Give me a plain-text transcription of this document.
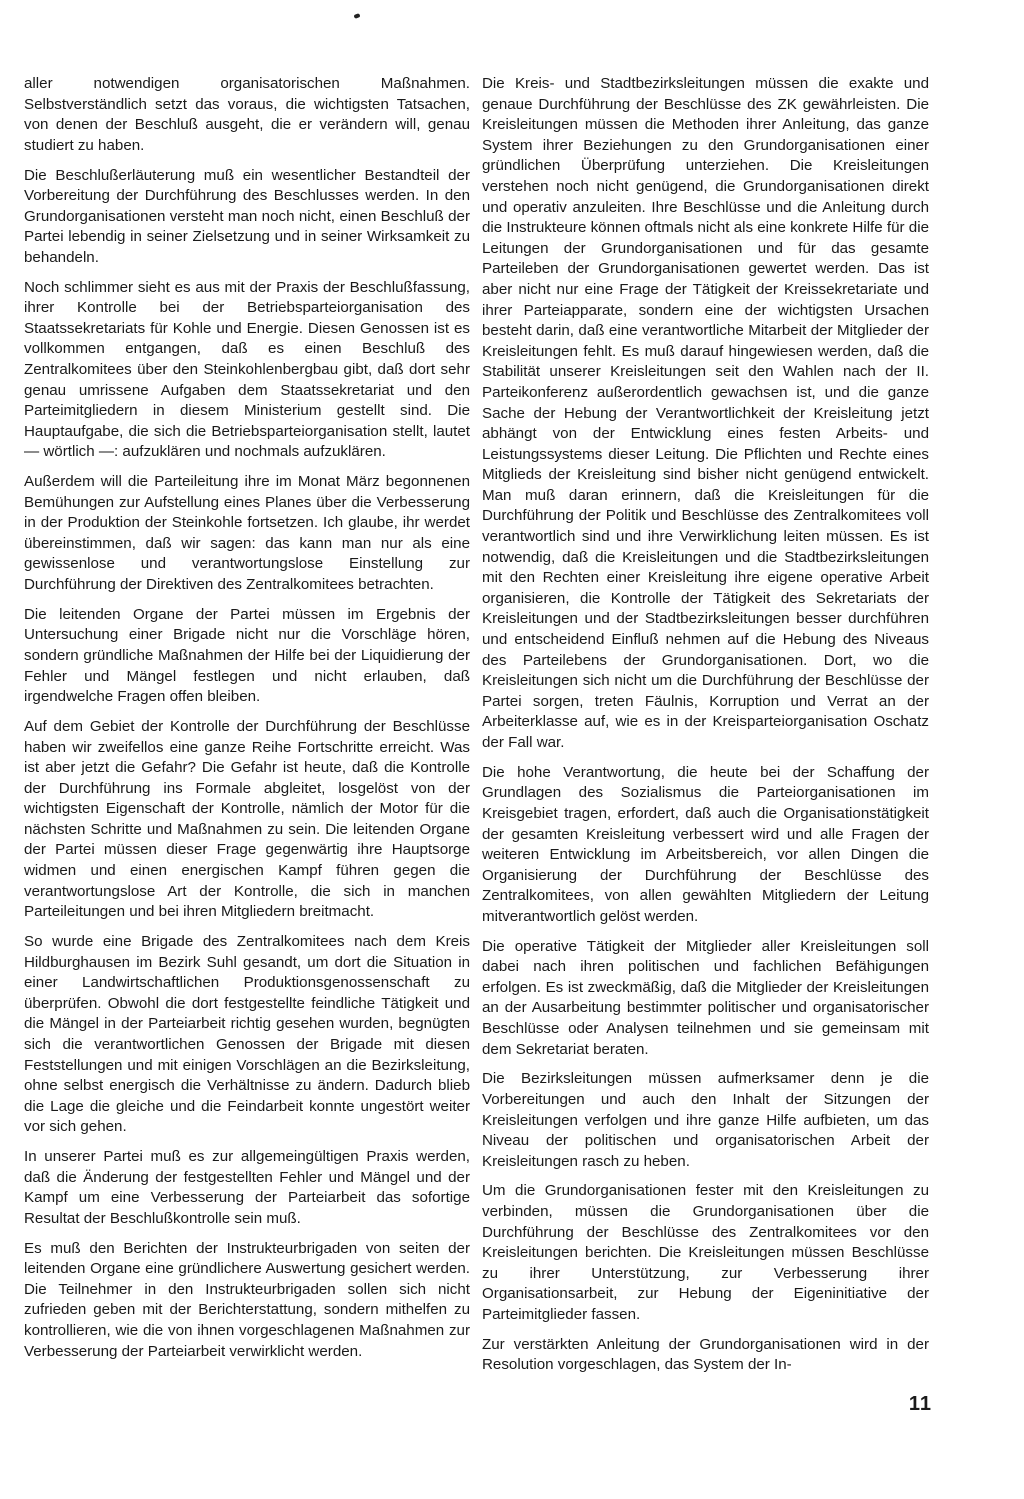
aller notwendigen organisatorischen Maßnahmen. Selbstverständlich setzt das voraus, die wichtigsten Tatsachen, von denen der Beschluß ausgeht, die er verändern will, genau studiert zu haben.

Die Beschlußerläuterung muß ein wesentlicher Bestandteil der Vorbereitung der Durchführung des Beschlusses werden. In den Grundorganisationen versteht man noch nicht, einen Beschluß der Partei lebendig in seiner Zielsetzung und in seiner Wirksamkeit zu behandeln.

Noch schlimmer sieht es aus mit der Praxis der Beschlußfassung, ihrer Kontrolle bei der Betriebsparteiorganisation des Staatssekretariats für Kohle und Energie. Diesen Genossen ist es vollkommen entgangen, daß es einen Beschluß des Zentralkomitees über den Steinkohlenbergbau gibt, daß dort sehr genau umrissene Aufgaben dem Staatssekretariat und den Parteimitgliedern in diesem Ministerium gestellt sind. Die Hauptaufgabe, die sich die Betriebsparteiorganisation stellt, lautet — wörtlich —: aufzuklären und nochmals aufzuklären.

Außerdem will die Parteileitung ihre im Monat März begonnenen Bemühungen zur Aufstellung eines Planes über die Verbesserung in der Produktion der Steinkohle fortsetzen. Ich glaube, ihr werdet übereinstimmen, daß wir sagen: das kann man nur als eine gewissenlose und verantwortungslose Einstellung zur Durchführung der Direktiven des Zentralkomitees betrachten.

Die leitenden Organe der Partei müssen im Ergebnis der Untersuchung einer Brigade nicht nur die Vorschläge hören, sondern gründliche Maßnahmen der Hilfe bei der Liquidierung der Fehler und Mängel festlegen und nicht erlauben, daß irgendwelche Fragen offen bleiben.

Auf dem Gebiet der Kontrolle der Durchführung der Beschlüsse haben wir zweifellos eine ganze Reihe Fortschritte erreicht. Was ist aber jetzt die Gefahr? Die Gefahr ist heute, daß die Kontrolle der Durchführung ins Formale abgleitet, losgelöst von der wichtigsten Eigenschaft der Kontrolle, nämlich der Motor für die nächsten Schritte und Maßnahmen zu sein. Die leitenden Organe der Partei müssen dieser Frage gegenwärtig ihre Hauptsorge widmen und einen energischen Kampf führen gegen die verantwortungslose Art der Kontrolle, die sich in manchen Parteileitungen und bei ihren Mitgliedern breitmacht.

So wurde eine Brigade des Zentralkomitees nach dem Kreis Hildburghausen im Bezirk Suhl gesandt, um dort die Situation in einer Landwirtschaftlichen Produktionsgenossenschaft zu überprüfen. Obwohl die dort festgestellte feindliche Tätigkeit und die Mängel in der Parteiarbeit richtig gesehen wurden, begnügten sich die verantwortlichen Genossen der Brigade mit diesen Feststellungen und mit einigen Vorschlägen an die Bezirksleitung, ohne selbst energisch die Verhältnisse zu ändern. Dadurch blieb die Lage die gleiche und die Feindarbeit konnte ungestört weiter vor sich gehen.

In unserer Partei muß es zur allgemeingültigen Praxis werden, daß die Änderung der festgestellten Fehler und Mängel und der Kampf um eine Verbesserung der Parteiarbeit das sofortige Resultat der Beschlußkontrolle sein muß.

Es muß den Berichten der Instrukteurbrigaden von seiten der leitenden Organe eine gründlichere Auswertung gesichert werden. Die Teilnehmer in den Instrukteurbrigaden sollen sich nicht zufrieden geben mit der Berichterstattung, sondern mithelfen zu kontrollieren, wie die von ihnen vorgeschlagenen Maßnahmen zur Verbesserung der Parteiarbeit verwirklicht werden.

Die Kreis- und Stadtbezirksleitungen müssen die exakte und genaue Durchführung der Beschlüsse des ZK gewährleisten. Die Kreisleitungen müssen die Methoden ihrer Anleitung, das ganze System ihrer Beziehungen zu den Grundorganisationen einer gründlichen Überprüfung unterziehen. Die Kreisleitungen verstehen noch nicht genügend, die Grundorganisationen direkt und operativ anzuleiten. Ihre Beschlüsse und die Anleitung durch die Instrukteure können oftmals nicht als eine konkrete Hilfe für die Leitungen der Grundorganisationen und für das gesamte Parteileben der Grundorganisationen gewertet werden. Das ist aber nicht nur eine Frage der Tätigkeit der Kreissekretariate und ihrer Parteiapparate, sondern eine der wichtigsten Ursachen besteht darin, daß eine verantwortliche Mitarbeit der Mitglieder der Kreisleitungen fehlt. Es muß darauf hingewiesen werden, daß die Stabilität unserer Kreisleitungen seit den Wahlen nach der II. Parteikonferenz außerordentlich gewachsen ist, und die ganze Sache der Hebung der Verantwortlichkeit der Kreisleitung jetzt abhängt von der Entwicklung eines festen Arbeits- und Leistungssystems dieser Leitung. Die Pflichten und Rechte eines Mitglieds der Kreisleitung sind bisher nicht genügend entwickelt. Man muß daran erinnern, daß die Kreisleitungen für die Durchführung der Politik und Beschlüsse des Zentralkomitees voll verantwortlich sind und ihre Verwirklichung leiten müssen. Es ist notwendig, daß die Kreisleitungen und die Stadtbezirksleitungen mit den Rechten einer Kreisleitung ihre eigene operative Arbeit organisieren, die Kontrolle der Tätigkeit des Sekretariats der Kreisleitungen und der Stadtbezirksleitungen besser durchführen und entscheidend Einfluß nehmen auf die Hebung des Niveaus des Parteilebens der Grundorganisationen. Dort, wo die Kreisleitungen sich nicht um die Durchführung der Beschlüsse der Partei sorgen, treten Fäulnis, Korruption und Verrat an der Arbeiterklasse auf, wie es in der Kreisparteiorganisation Oschatz der Fall war.

Die hohe Verantwortung, die heute bei der Schaffung der Grundlagen des Sozialismus die Parteiorganisationen im Kreisgebiet tragen, erfordert, daß auch die Organisationstätigkeit der gesamten Kreisleitung verbessert wird und alle Fragen der weiteren Entwicklung im Arbeitsbereich, vor allen Dingen die Organisierung der Durchführung der Beschlüsse des Zentralkomitees, von allen gewählten Mitgliedern der Leitung mitverantwortlich gelöst werden.

Die operative Tätigkeit der Mitglieder aller Kreisleitungen soll dabei nach ihren politischen und fachlichen Befähigungen erfolgen. Es ist zweckmäßig, daß die Mitglieder der Kreisleitungen an der Ausarbeitung bestimmter politischer und organisatorischer Beschlüsse oder Analysen teilnehmen und sie gemeinsam mit dem Sekretariat beraten.

Die Bezirksleitungen müssen aufmerksamer denn je die Vorbereitungen und auch den Inhalt der Sitzungen der Kreisleitungen verfolgen und ihre ganze Hilfe aufbieten, um das Niveau der politischen und organisatorischen Arbeit der Kreisleitungen rasch zu heben.

Um die Grundorganisationen fester mit den Kreisleitungen zu verbinden, müssen die Grundorganisationen über die Durchführung der Beschlüsse des Zentralkomitees vor den Kreisleitungen berichten. Die Kreisleitungen müssen Beschlüsse zu ihrer Unterstützung, zur Verbesserung ihrer Organisationsarbeit, zur Hebung der Eigeninitiative der Parteimitglieder fassen.

Zur verstärkten Anleitung der Grundorganisationen wird in der Resolution vorgeschlagen, das System der In-

11
